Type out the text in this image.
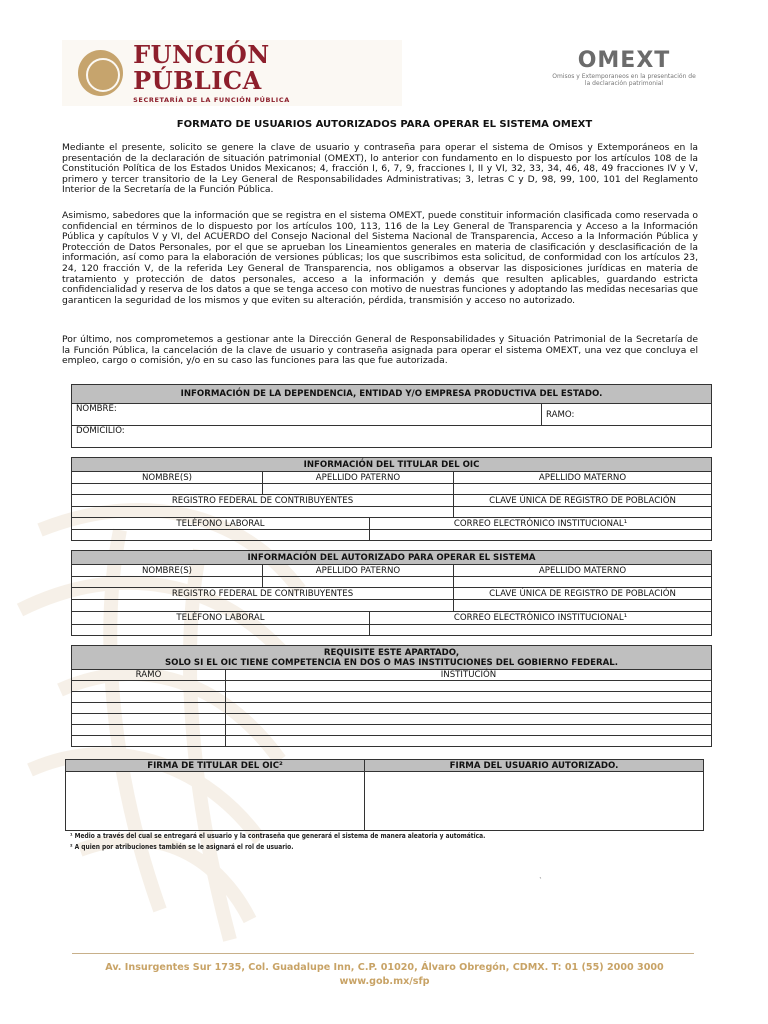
FUNCIÓN PÚBLICA
SECRETARÍA DE LA FUNCIÓN PÚBLICA
OMEXT
Omisos y Extemporaneos en la presentación de la declaración patrimonial
FORMATO DE USUARIOS AUTORIZADOS PARA OPERAR EL SISTEMA OMEXT
Mediante el presente, solicito se genere la clave de usuario y contraseña para operar el sistema de Omisos y Extemporáneos en la presentación de la declaración de situación patrimonial (OMEXT), lo anterior con fundamento en lo dispuesto por los artículos 108 de la Constitución Política de los Estados Unidos Mexicanos; 4, fracción I, 6, 7, 9, fracciones I, II y VI, 32, 33, 34, 46, 48, 49 fracciones IV y V, primero y tercer transitorio de la Ley General de Responsabilidades Administrativas; 3, letras C y D, 98, 99, 100, 101 del Reglamento Interior de la Secretaría de la Función Pública.
Asimismo, sabedores que la información que se registra en el sistema OMEXT, puede constituir información clasificada como reservada o confidencial en términos de lo dispuesto por los artículos 100, 113, 116 de la Ley General de Transparencia y Acceso a la Información Pública y capítulos V y VI, del ACUERDO del Consejo Nacional del Sistema Nacional de Transparencia, Acceso a la Información Pública y Protección de Datos Personales, por el que se aprueban los Lineamientos generales en materia de clasificación y desclasificación de la información, así como para la elaboración de versiones públicas; los que suscribimos esta solicitud, de conformidad con los artículos 23, 24, 120 fracción V, de la referida Ley General de Transparencia, nos obligamos a observar las disposiciones jurídicas en materia de tratamiento y protección de datos personales, acceso a la información y demás que resulten aplicables, guardando estricta confidencialidad y reserva de los datos a que se tenga acceso con motivo de nuestras funciones y adoptando las medidas necesarias que garanticen la seguridad de los mismos y que eviten su alteración, pérdida, transmisión y acceso no autorizado.
Por último, nos comprometemos a gestionar ante la Dirección General de Responsabilidades y Situación Patrimonial de la Secretaría de la Función Pública, la cancelación de la clave de usuario y contraseña asignada para operar el sistema OMEXT, una vez que concluya el empleo, cargo o comisión, y/o en su caso las funciones para las que fue autorizada.
INFORMACIÓN DE LA DEPENDENCIA, ENTIDAD Y/O EMPRESA PRODUCTIVA DEL ESTADO.
NOMBRE:	RAMO:
DOMICILIO:
INFORMACIÓN DEL TITULAR DEL OIC			
NOMBRE(S)	APELLIDO PATERNO		APELLIDO MATERNO

REGISTRO FEDERAL DE CONTRIBUYENTES			CLAVE ÚNICA DE REGISTRO DE POBLACIÓN

TELÉFONO LABORAL		CORREO ELECTRÓNICO INSTITUCIONAL¹	

INFORMACIÓN DEL AUTORIZADO PARA OPERAR EL SISTEMA			
NOMBRE(S)	APELLIDO PATERNO		APELLIDO MATERNO

REGISTRO FEDERAL DE CONTRIBUYENTES			CLAVE ÚNICA DE REGISTRO DE POBLACIÓN

TELÉFONO LABORAL		CORREO ELECTRÓNICO INSTITUCIONAL¹	

REQUISITE ESTE APARTADO,
SOLO SI EL OIC TIENE COMPETENCIA EN DOS O MAS INSTITUCIONES DEL GOBIERNO FEDERAL.	

RAMO	INSTITUCIÓN

FIRMA DE TITULAR DEL OIC²	FIRMA DEL USUARIO AUTORIZADO.

¹ Medio a través del cual se entregará el usuario y la contraseña que generará el sistema de manera aleatoria y automática.
² A quien por atribuciones también se le asignará el rol de usuario.
ˎ
Av. Insurgentes Sur 1735, Col. Guadalupe Inn, C.P. 01020, Álvaro Obregón, CDMX. T: 01 (55) 2000 3000
www.gob.mx/sfp
